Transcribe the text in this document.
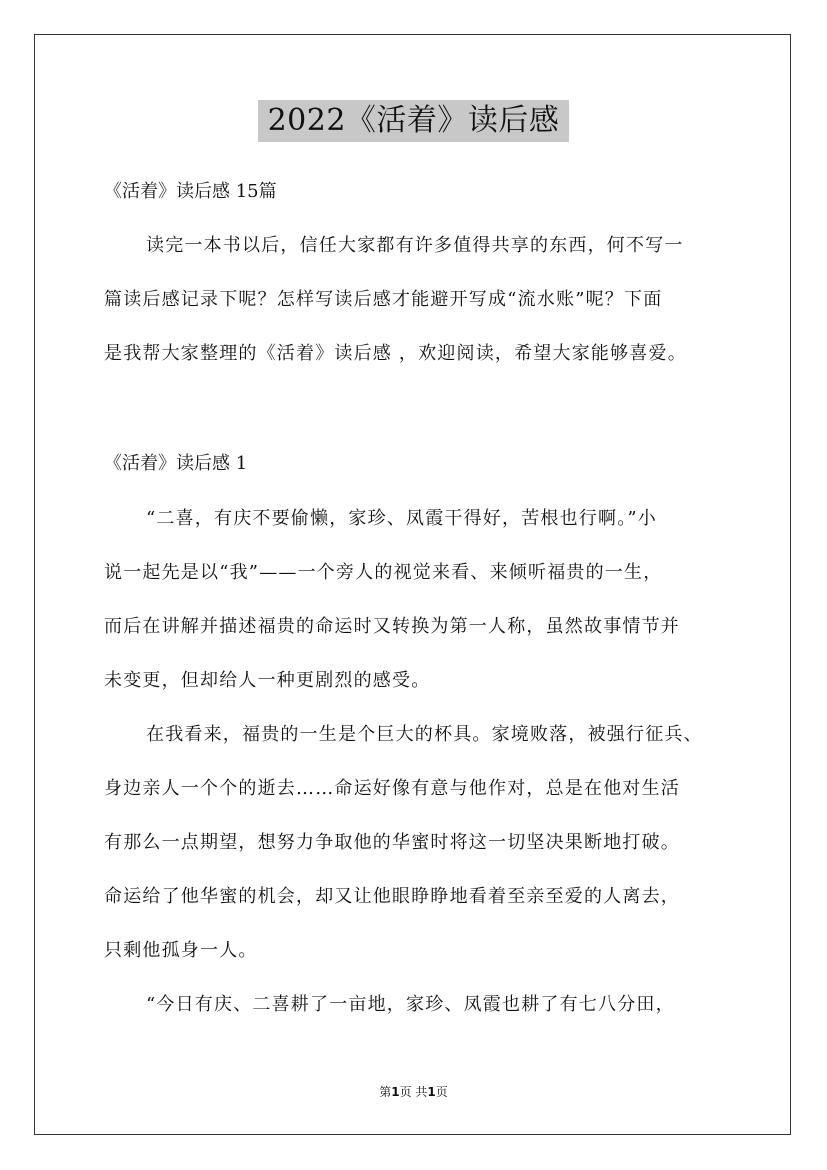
2022《活着》读后感
《活着》读后感 15篇
读完一本书以后，信任大家都有许多值得共享的东西，何不写一
篇读后感记录下呢？怎样写读后感才能避开写成“流水账”呢？下面
是我帮大家整理的《活着》读后感 ，欢迎阅读，希望大家能够喜爱。
《活着》读后感 1
“二喜，有庆不要偷懒，家珍、凤霞干得好，苦根也行啊。”小
说一起先是以“我”——一个旁人的视觉来看、来倾听福贵的一生，
而后在讲解并描述福贵的命运时又转换为第一人称，虽然故事情节并
未变更，但却给人一种更剧烈的感受。
在我看来，福贵的一生是个巨大的杯具。家境败落，被强行征兵、
身边亲人一个个的逝去……命运好像有意与他作对，总是在他对生活
有那么一点期望，想努力争取他的华蜜时将这一切坚决果断地打破。
命运给了他华蜜的机会，却又让他眼睁睁地看着至亲至爱的人离去，
只剩他孤身一人。
“今日有庆、二喜耕了一亩地，家珍、凤霞也耕了有七八分田，
第1页 共1页
